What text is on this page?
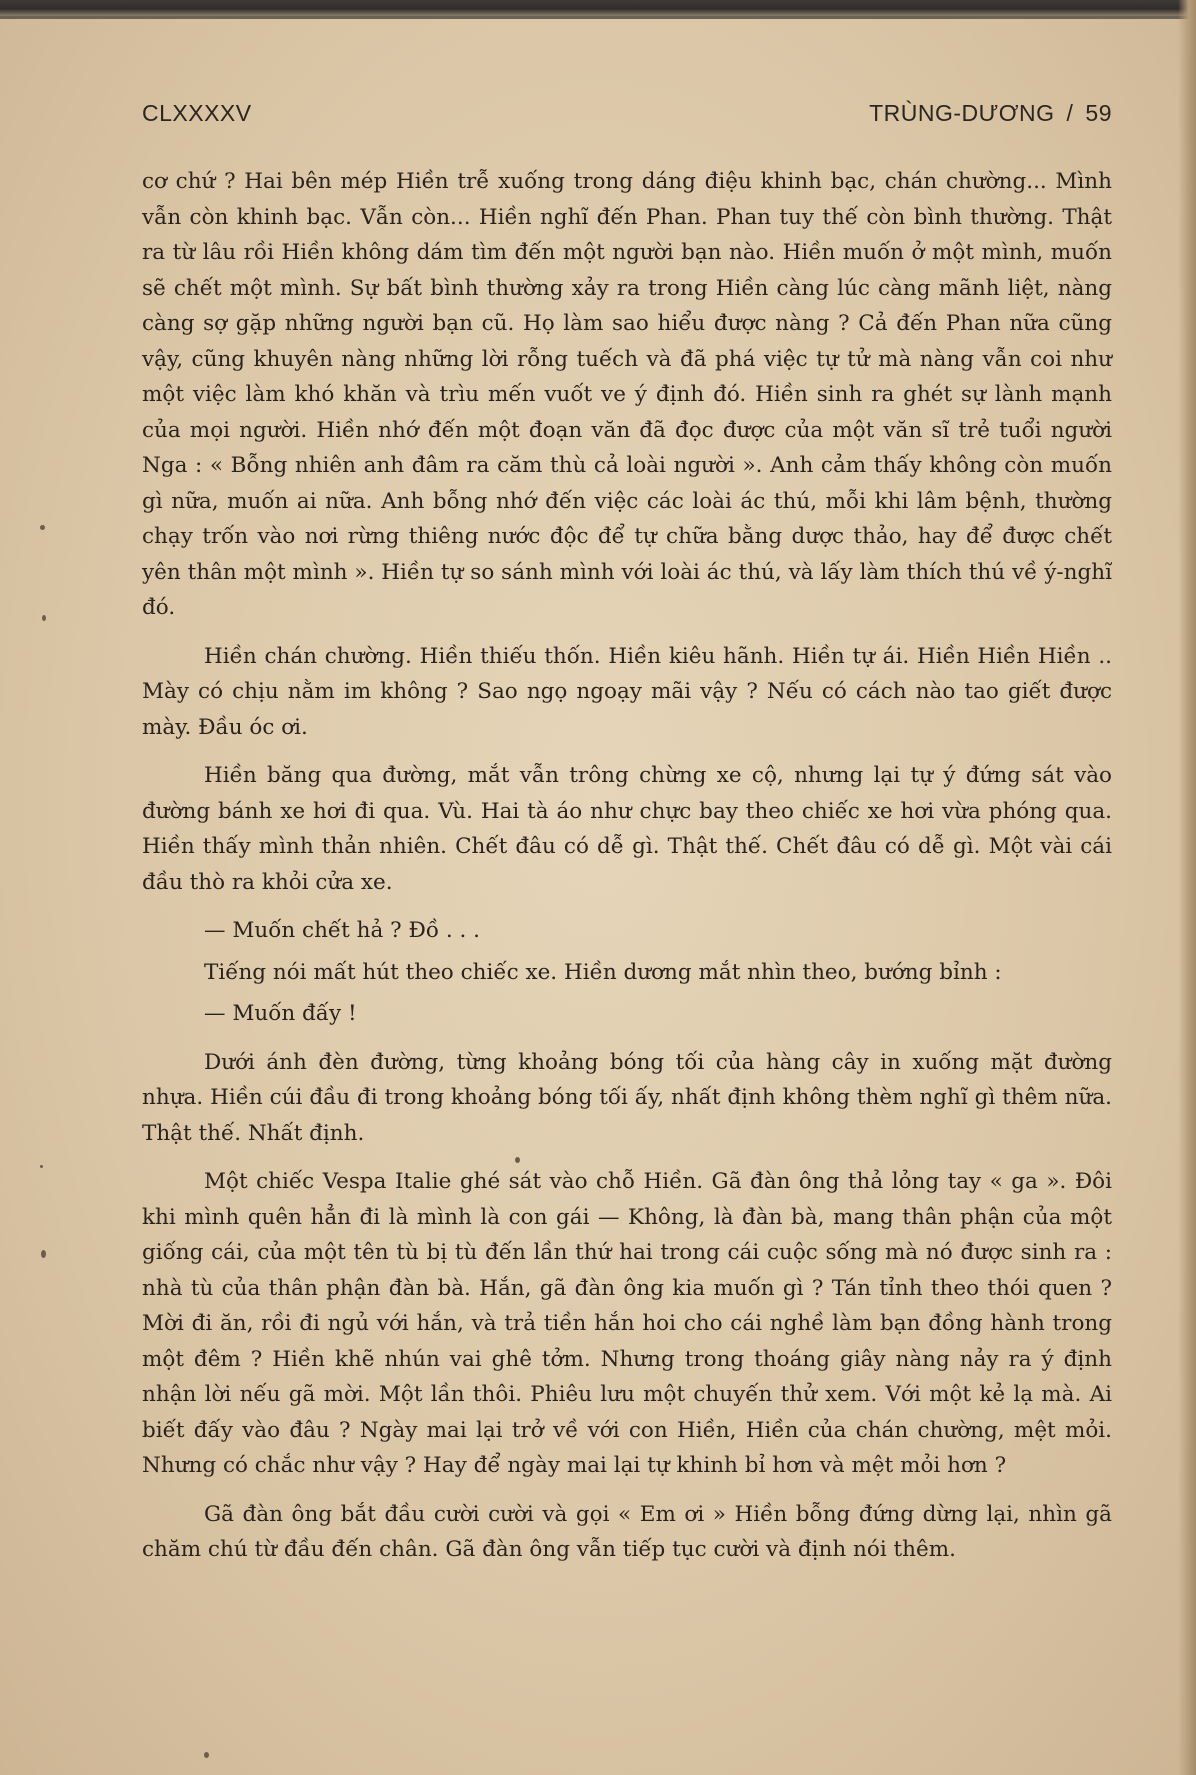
CLXXXXV	TRÙNG-DƯƠNG / 59

cơ chứ ? Hai bên mép Hiền trễ xuống trong dáng điệu khinh bạc, chán chường... Mình vẫn còn khinh bạc. Vẫn còn... Hiền nghĩ đến Phan. Phan tuy thế còn bình thường. Thật ra từ lâu rồi Hiền không dám tìm đến một người bạn nào. Hiền muốn ở một mình, muốn sẽ chết một mình. Sự bất bình thường xảy ra trong Hiền càng lúc càng mãnh liệt, nàng càng sợ gặp những người bạn cũ. Họ làm sao hiểu được nàng ? Cả đến Phan nữa cũng vậy, cũng khuyên nàng những lời rỗng tuếch và đã phá việc tự tử mà nàng vẫn coi như một việc làm khó khăn và trìu mến vuốt ve ý định đó. Hiền sinh ra ghét sự lành mạnh của mọi người. Hiền nhớ đến một đoạn văn đã đọc được của một văn sĩ trẻ tuổi người Nga : « Bỗng nhiên anh đâm ra căm thù cả loài người ». Anh cảm thấy không còn muốn gì nữa, muốn ai nữa. Anh bỗng nhớ đến việc các loài ác thú, mỗi khi lâm bệnh, thường chạy trốn vào nơi rừng thiêng nước độc để tự chữa bằng dược thảo, hay để được chết yên thân một mình ». Hiền tự so sánh mình với loài ác thú, và lấy làm thích thú về ý-nghĩ đó.

Hiền chán chường. Hiền thiếu thốn. Hiền kiêu hãnh. Hiền tự ái. Hiền Hiền Hiền .. Mày có chịu nằm im không ? Sao ngọ ngoạy mãi vậy ? Nếu có cách nào tao giết được mày. Đầu óc ơi.

Hiền băng qua đường, mắt vẫn trông chừng xe cộ, nhưng lại tự ý đứng sát vào đường bánh xe hơi đi qua. Vù. Hai tà áo như chực bay theo chiếc xe hơi vừa phóng qua. Hiền thấy mình thản nhiên. Chết đâu có dễ gì. Thật thế. Chết đâu có dễ gì. Một vài cái đầu thò ra khỏi cửa xe.

— Muốn chết hả ? Đồ . . .

Tiếng nói mất hút theo chiếc xe. Hiền dương mắt nhìn theo, bướng bỉnh :

— Muốn đấy !

Dưới ánh đèn đường, từng khoảng bóng tối của hàng cây in xuống mặt đường nhựa. Hiền cúi đầu đi trong khoảng bóng tối ấy, nhất định không thèm nghĩ gì thêm nữa. Thật thế. Nhất định.

Một chiếc Vespa Italie ghé sát vào chỗ Hiền. Gã đàn ông thả lỏng tay « ga ». Đôi khi mình quên hẳn đi là mình là con gái — Không, là đàn bà, mang thân phận của một giống cái, của một tên tù bị tù đến lần thứ hai trong cái cuộc sống mà nó được sinh ra : nhà tù của thân phận đàn bà. Hắn, gã đàn ông kia muốn gì ? Tán tỉnh theo thói quen ? Mời đi ăn, rồi đi ngủ với hắn, và trả tiền hắn hoi cho cái nghề làm bạn đồng hành trong một đêm ? Hiền khẽ nhún vai ghê tởm. Nhưng trong thoáng giây nàng nảy ra ý định nhận lời nếu gã mời. Một lần thôi. Phiêu lưu một chuyến thử xem. Với một kẻ lạ mà. Ai biết đấy vào đâu ? Ngày mai lại trở về với con Hiền, Hiền của chán chường, mệt mỏi. Nhưng có chắc như vậy ? Hay để ngày mai lại tự khinh bỉ hơn và mệt mỏi hơn ?

Gã đàn ông bắt đầu cười cười và gọi « Em ơi » Hiền bỗng đứng dừng lại, nhìn gã chăm chú từ đầu đến chân. Gã đàn ông vẫn tiếp tục cười và định nói thêm.
